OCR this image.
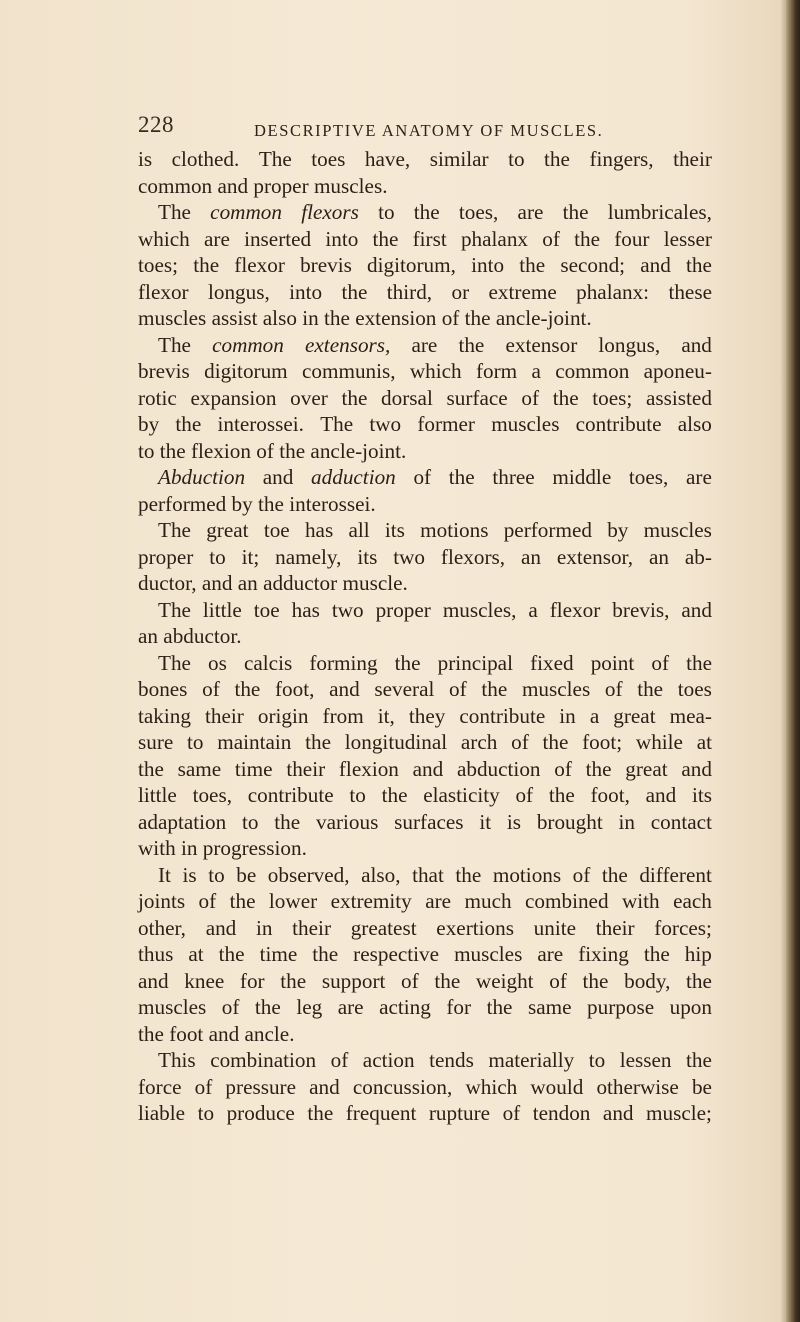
228	DESCRIPTIVE ANATOMY OF MUSCLES.
is clothed. The toes have, similar to the fingers, their
common
and
proper
muscles.
The common flexors to the toes, are the lumbricales,
which are inserted into the first phalanx of the four lesser
toes; the flexor brevis digitorum, into the second; and the
flexor longus, into the third, or extreme phalanx: these
muscles
assist
also
in
the
extension
of
the
ancle-joint.
The common extensors, are the extensor longus, and
brevis digitorum communis, which form a common aponeu-
rotic expansion over the dorsal surface of the toes; assisted
by the interossei. The two former muscles contribute also
to
the
flexion
of
the
ancle-joint.
Abduction and adduction of the three middle toes, are
performed
by
the
interossei.
The great toe has all its motions performed by muscles
proper to it; namely, its two flexors, an extensor, an ab-
ductor,
and
an
adductor
muscle.
The little toe has two proper muscles, a flexor brevis, and
an
abductor.
The os calcis forming the principal fixed point of the
bones of the foot, and several of the muscles of the toes
taking their origin from it, they contribute in a great mea-
sure to maintain the longitudinal arch of the foot; while at
the same time their flexion and abduction of the great and
little toes, contribute to the elasticity of the foot, and its
adaptation to the various surfaces it is brought in contact
with
in
progression.
It is to be observed, also, that the motions of the different
joints of the lower extremity are much combined with each
other, and in their greatest exertions unite their forces;
thus at the time the respective muscles are fixing the hip
and knee for the support of the weight of the body, the
muscles of the leg are acting for the same purpose upon
the
foot
and
ancle.
This combination of action tends materially to lessen the
force of pressure and concussion, which would otherwise be
liable to produce the frequent rupture of tendon and muscle;
